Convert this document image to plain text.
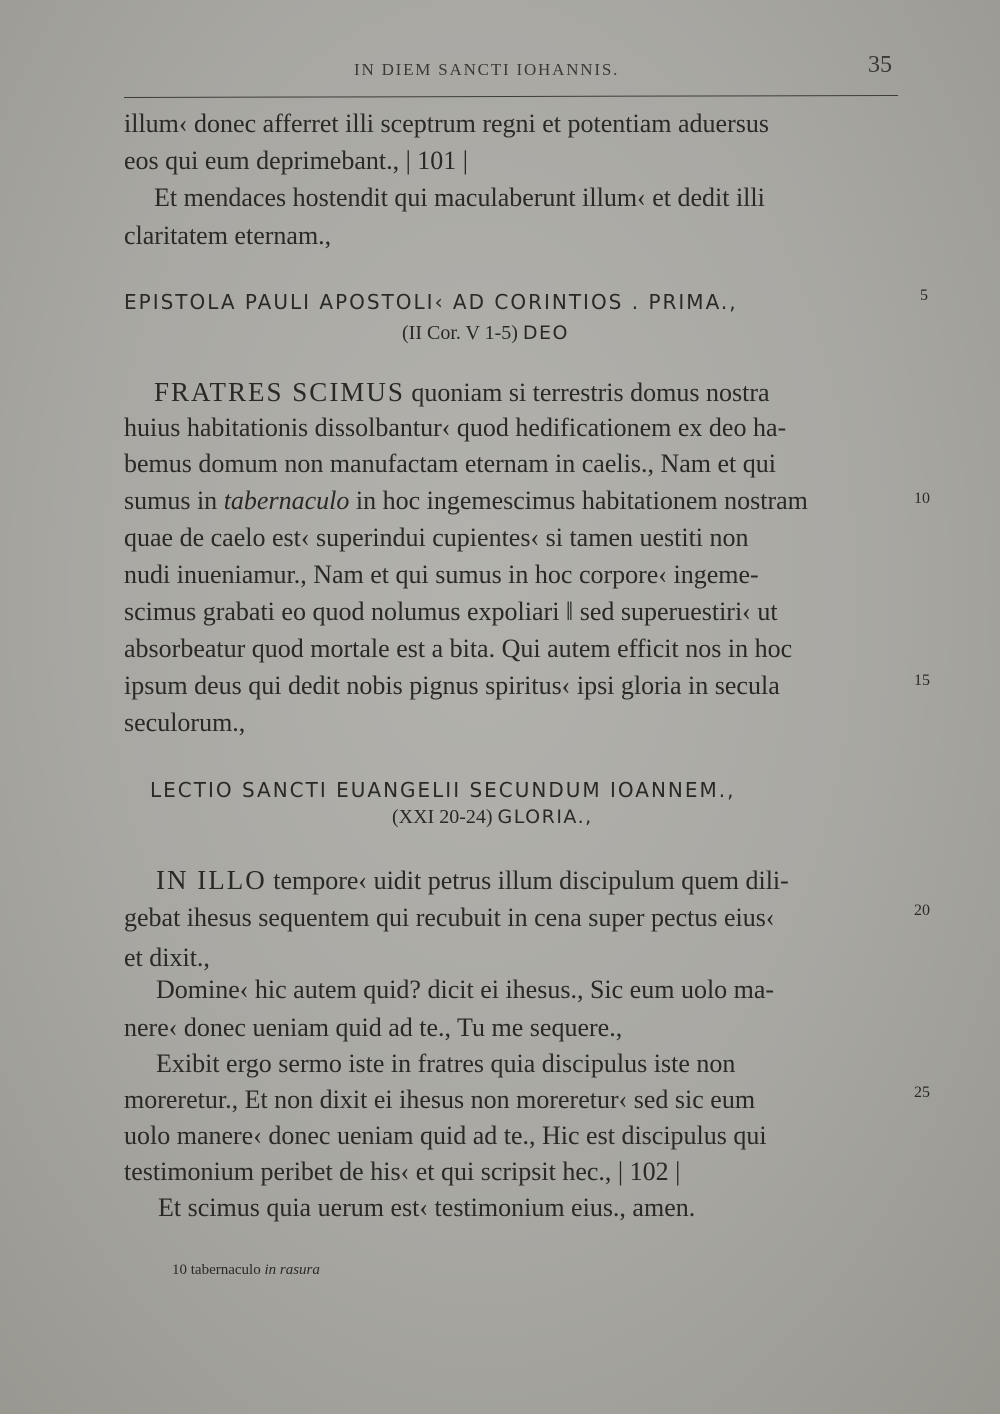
IN DIEM SANCTI IOHANNIS.	35
illum‹ donec afferret illi sceptrum regni et potentiam aduersus
eos qui eum deprimebant., | 101 |
Et mendaces hostendit qui maculaberunt illum‹ et dedit illi
claritatem eternam.,
EPISTOLA PAULI APOSTOLI‹ AD CORINTIOS . PRIMA.,
(II Cor. V 1-5) DEO
FRATRES SCIMUS quoniam si terrestris domus nostra
huius habitationis dissolbantur‹ quod hedificationem ex deo ha-
bemus domum non manufactam eternam in caelis., Nam et qui
sumus in tabernaculo in hoc ingemescimus habitationem nostram
quae de caelo est‹ superindui cupientes‹ si tamen uestiti non
nudi inueniamur., Nam et qui sumus in hoc corpore‹ ingeme-
scimus grabati eo quod nolumus expoliari ‖ sed superuestiri‹ ut
absorbeatur quod mortale est a bita. Qui autem efficit nos in hoc
ipsum deus qui dedit nobis pignus spiritus‹ ipsi gloria in secula
seculorum.,
LECTIO SANCTI EUANGELII SECUNDUM IOANNEM.,
(XXI 20-24) GLORIA.,
IN ILLO tempore‹ uidit petrus illum discipulum quem dili-
gebat ihesus sequentem qui recubuit in cena super pectus eius‹
et dixit.,
Domine‹ hic autem quid? dicit ei ihesus., Sic eum uolo ma-
nere‹ donec ueniam quid ad te., Tu me sequere.,
Exibit ergo sermo iste in fratres quia discipulus iste non
moreretur., Et non dixit ei ihesus non moreretur‹ sed sic eum
uolo manere‹ donec ueniam quid ad te., Hic est discipulus qui
testimonium peribet de his‹ et qui scripsit hec., | 102 |
Et scimus quia uerum est‹ testimonium eius., amen.
5
10
15
20
25
10 tabernaculo in rasura
